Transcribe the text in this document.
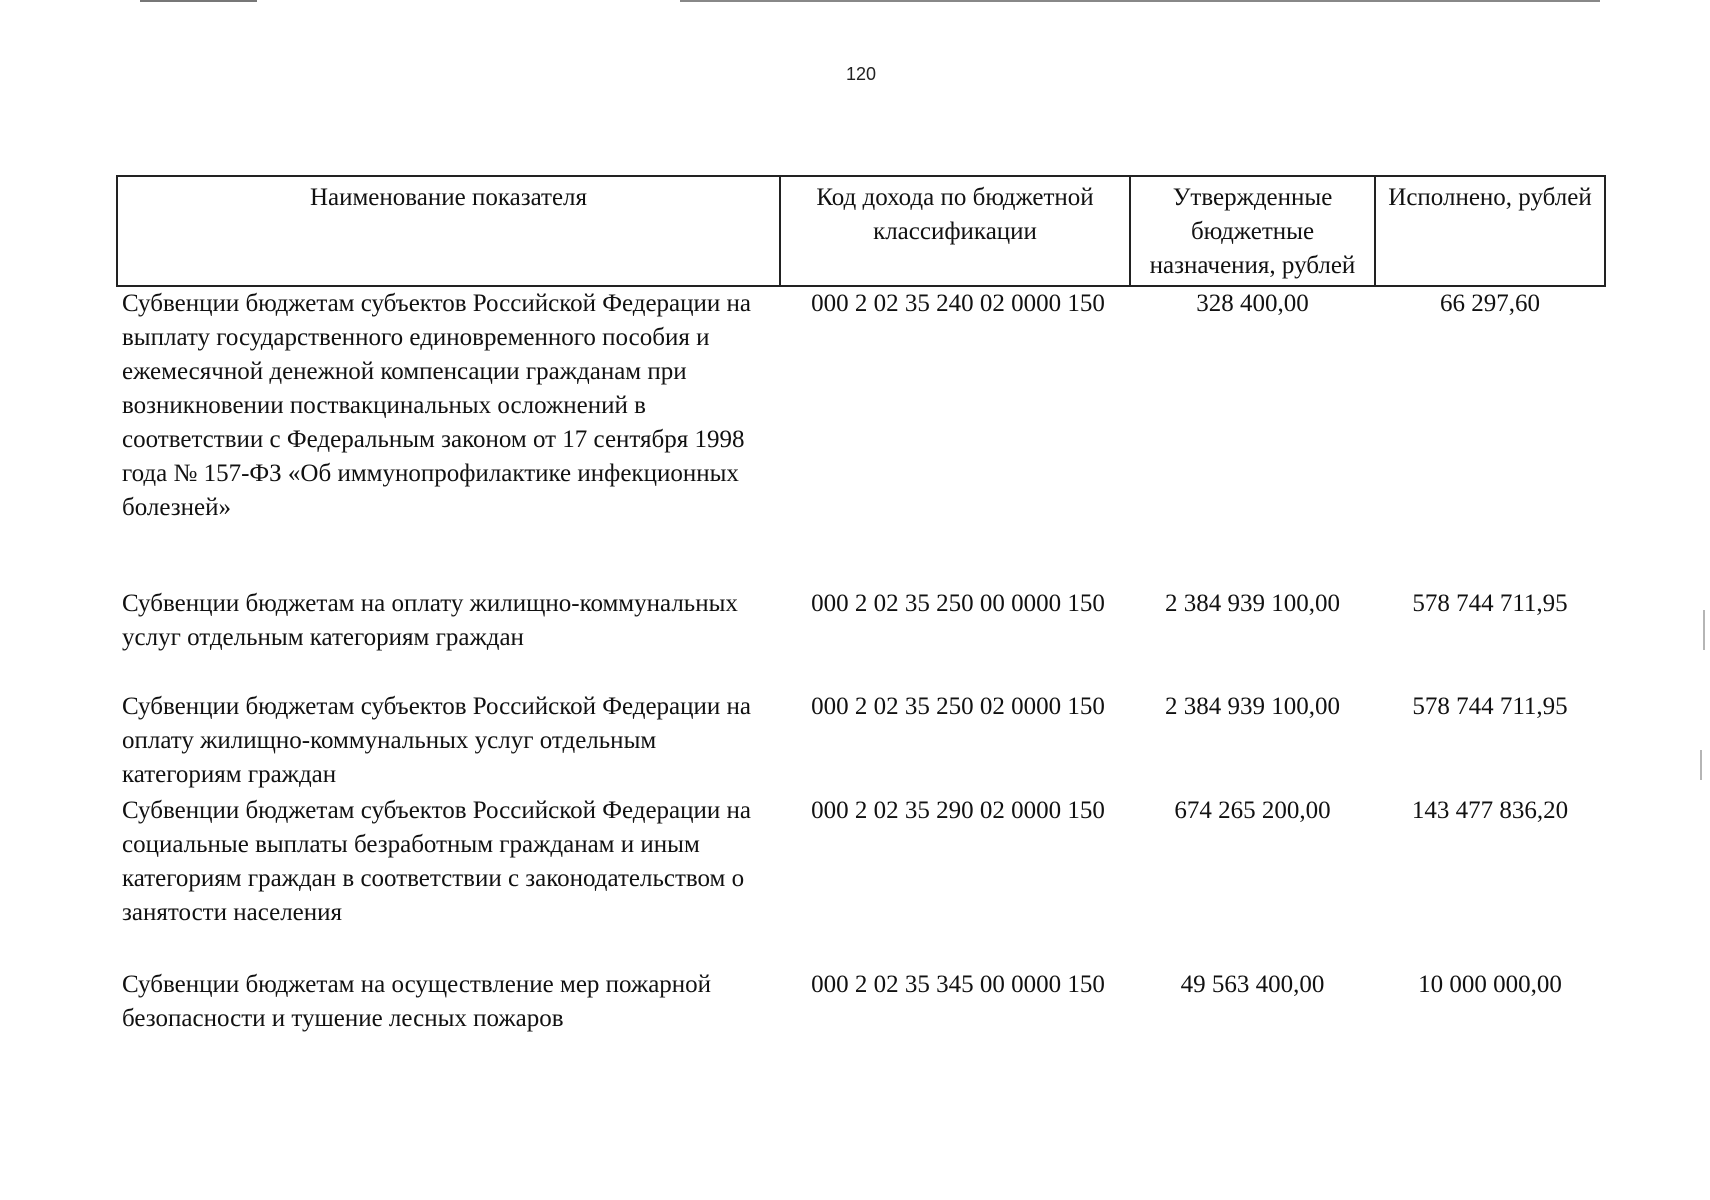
120
Наименование показателя	Код дохода по бюджетной классификации	Утвержденные бюджетные назначения, рублей	Исполнено, рублей
Субвенции бюджетам субъектов Российской Федерации на выплату государственного единовременного пособия и ежемесячной денежной компенсации гражданам при возникновении поствакцинальных осложнений в соответствии с Федеральным законом от 17 сентября 1998 года № 157-ФЗ «Об иммунопрофилактике инфекционных болезней»	000 2 02 35 240 02 0000 150	328 400,00	66 297,60
Субвенции бюджетам на оплату жилищно-коммунальных услуг отдельным категориям граждан	000 2 02 35 250 00 0000 150	2 384 939 100,00	578 744 711,95
Субвенции бюджетам субъектов Российской Федерации на оплату жилищно-коммунальных услуг отдельным категориям граждан	000 2 02 35 250 02 0000 150	2 384 939 100,00	578 744 711,95
Субвенции бюджетам субъектов Российской Федерации на социальные выплаты безработным гражданам и иным категориям граждан в соответствии с законодательством о занятости населения	000 2 02 35 290 02 0000 150	674 265 200,00	143 477 836,20
Субвенции бюджетам на осуществление мер пожарной безопасности и тушение лесных пожаров	000 2 02 35 345 00 0000 150	49 563 400,00	10 000 000,00
